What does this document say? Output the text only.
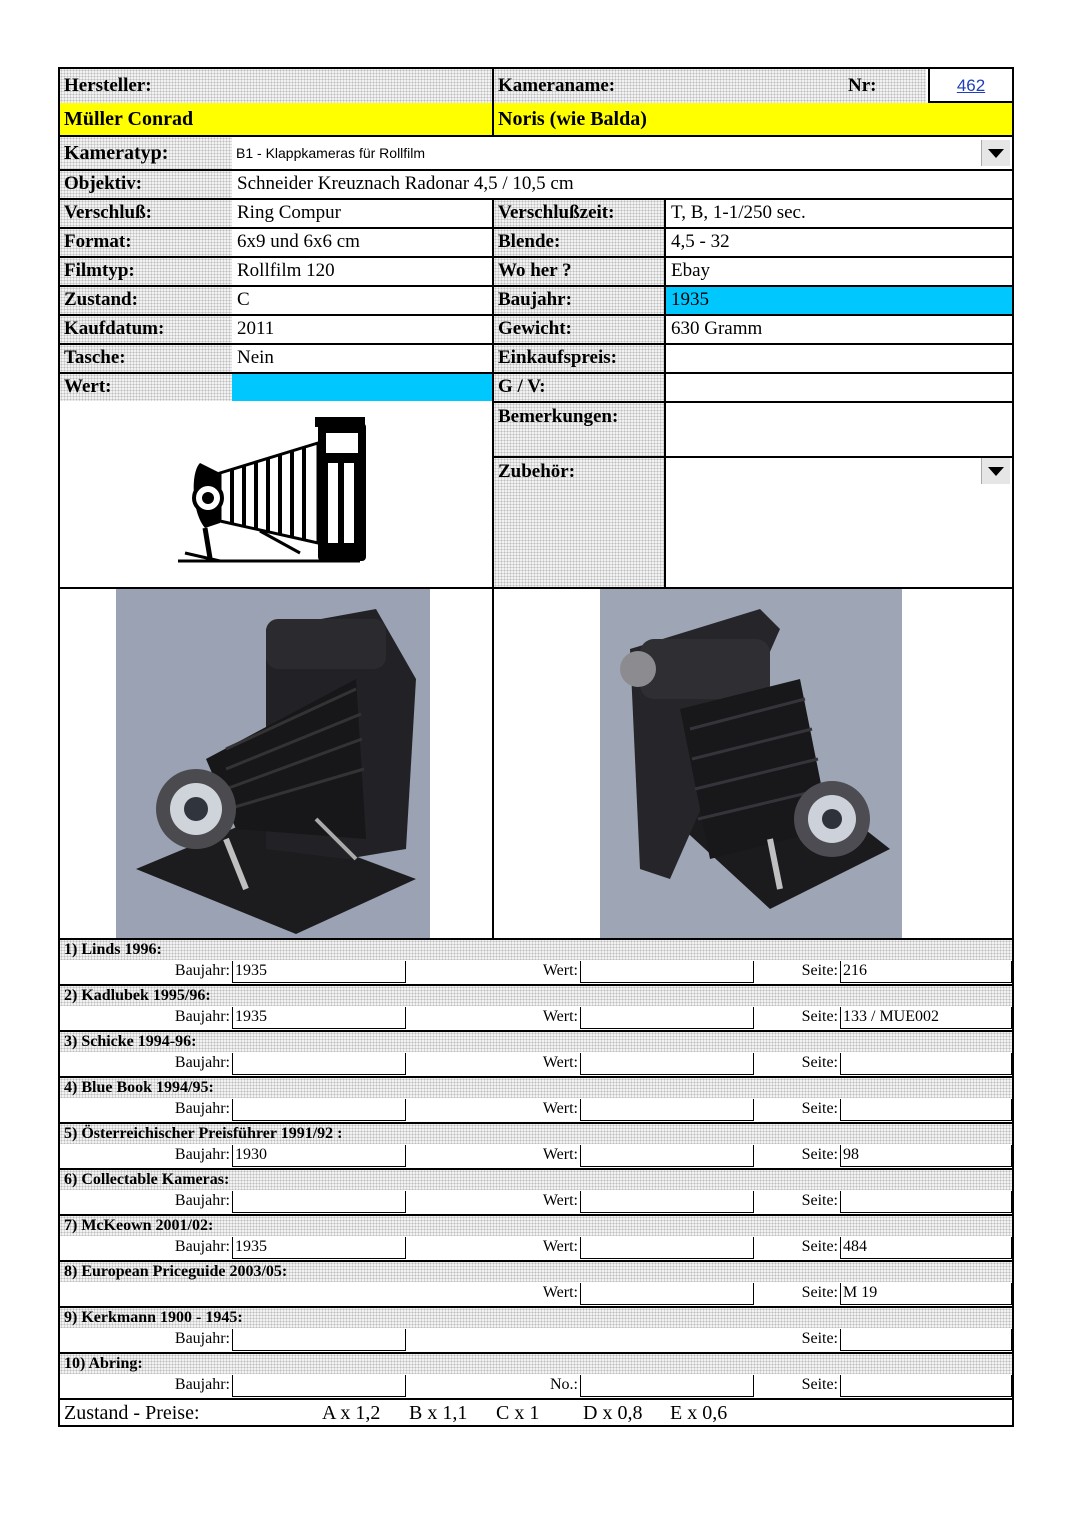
Hersteller:	Kameraname:	Nr:	462
Müller Conrad	Noris (wie Balda)
Kameratyp:	B1 - Klappkameras für Rollfilm
Objektiv:	Schneider Kreuznach Radonar 4,5 / 10,5 cm
Verschluß:	Ring Compur	Verschlußzeit:	T, B, 1-1/250 sec.
Format:	6x9 und 6x6 cm	Blende:	4,5 - 32
Filmtyp:	Rollfilm 120	Wo her ?	Ebay
Zustand:	C	Baujahr:	1935
Kaufdatum:	2011	Gewicht:	630 Gramm
Tasche:	Nein	Einkaufspreis:
Wert:	G / V:
Bemerkungen:
Zubehör:
1) Linds 1996:
Baujahr: 1935	Wert:	Seite: 216
2) Kadlubek 1995/96:
Baujahr: 1935	Wert:	Seite: 133 / MUE002
3) Schicke 1994-96:
Baujahr:	Wert:	Seite:
4) Blue Book 1994/95:
Baujahr:	Wert:	Seite:
5) Österreichischer Preisführer 1991/92 :
Baujahr: 1930	Wert:	Seite: 98
6) Collectable Kameras:
Baujahr:	Wert:	Seite:
7) McKeown 2001/02:
Baujahr: 1935	Wert:	Seite: 484
8) European Priceguide 2003/05:
Wert:	Seite: M 19
9) Kerkmann 1900 - 1945:
Baujahr:	Seite:
10) Abring:
Baujahr:	No.:	Seite:
Zustand - Preise:	A x 1,2 B x 1,1 C x 1 D x 0,8 E x 0,6
